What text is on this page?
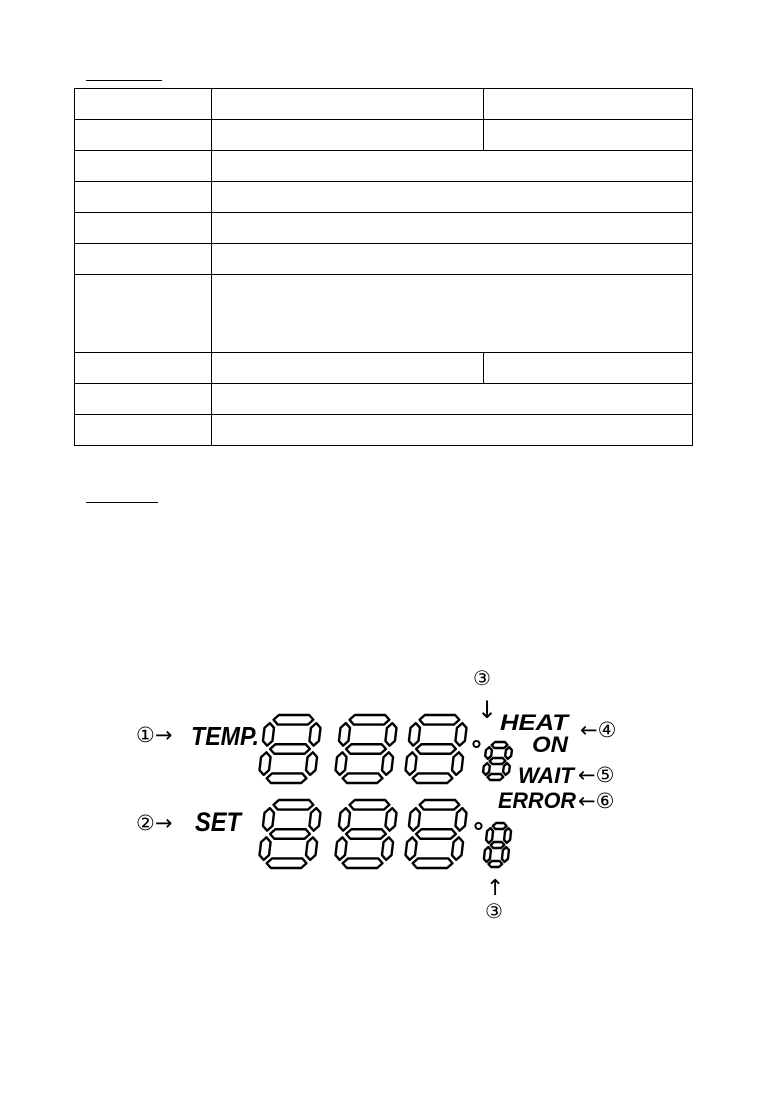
①→
②→
③
↓
↑
③
←④
←⑤
←⑥
TEMP.
SET
HEAT
ON
WAIT
ERROR
°
°
